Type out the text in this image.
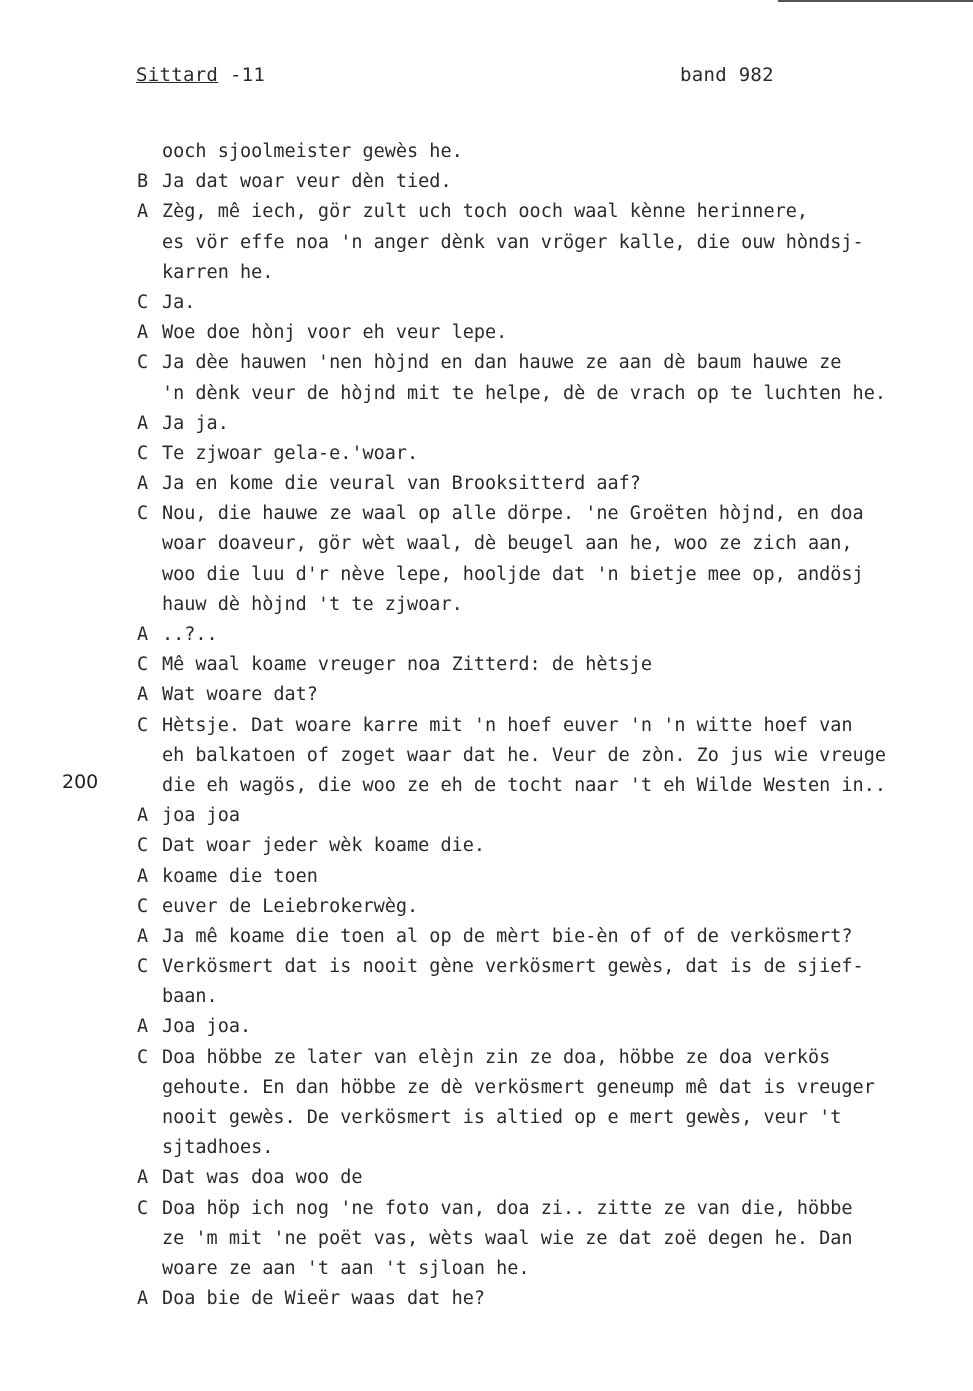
Sittard -11	band 982
200
ooch sjoolmeister gewès he.
B Ja dat woar veur dèn tied.
A Zèg, mê iech, gör zult uch toch ooch waal kènne herinnere,
es vör effe noa 'n anger dènk van vröger kalle, die ouw hòndsj-
karren he.
C Ja.
A Woe doe hònj voor eh veur lepe.
C Ja dèe hauwen 'nen hòjnd en dan hauwe ze aan dè baum hauwe ze
'n dènk veur de hòjnd mit te helpe, dè de vrach op te luchten he.
A Ja ja.
C Te zjwoar gela-e.'woar.
A Ja en kome die veural van Brooksitterd aaf?
C Nou, die hauwe ze waal op alle dörpe. 'ne Groëten hòjnd, en doa
woar doaveur, gör wèt waal, dè beugel aan he, woo ze zich aan,
woo die luu d'r nève lepe, hooljde dat 'n bietje mee op, andösj
hauw dè hòjnd 't te zjwoar.
A ..?..
C Mê waal koame vreuger noa Zitterd: de hètsje
A Wat woare dat?
C Hètsje. Dat woare karre mit 'n hoef euver 'n 'n witte hoef van
eh balkatoen of zoget waar dat he. Veur de zòn. Zo jus wie vreuge
die eh wagös, die woo ze eh de tocht naar 't eh Wilde Westen in..
A joa joa
C Dat woar jeder wèk koame die.
A koame die toen
C euver de Leiebrokerwèg.
A Ja mê koame die toen al op de mèrt bie-èn of of de verkösmert?
C Verkösmert dat is nooit gène verkösmert gewès, dat is de sjief-
baan.
A Joa joa.
C Doa höbbe ze later van elèjn zin ze doa, höbbe ze doa verkös
gehoute. En dan höbbe ze dè verkösmert geneump mê dat is vreuger
nooit gewès. De verkösmert is altied op e mert gewès, veur 't
sjtadhoes.
A Dat was doa woo de
C Doa höp ich nog 'ne foto van, doa zi.. zitte ze van die, höbbe
ze 'm mit 'ne poët vas, wèts waal wie ze dat zoë degen he. Dan
woare ze aan 't aan 't sjloan he.
A Doa bie de Wieër waas dat he?
